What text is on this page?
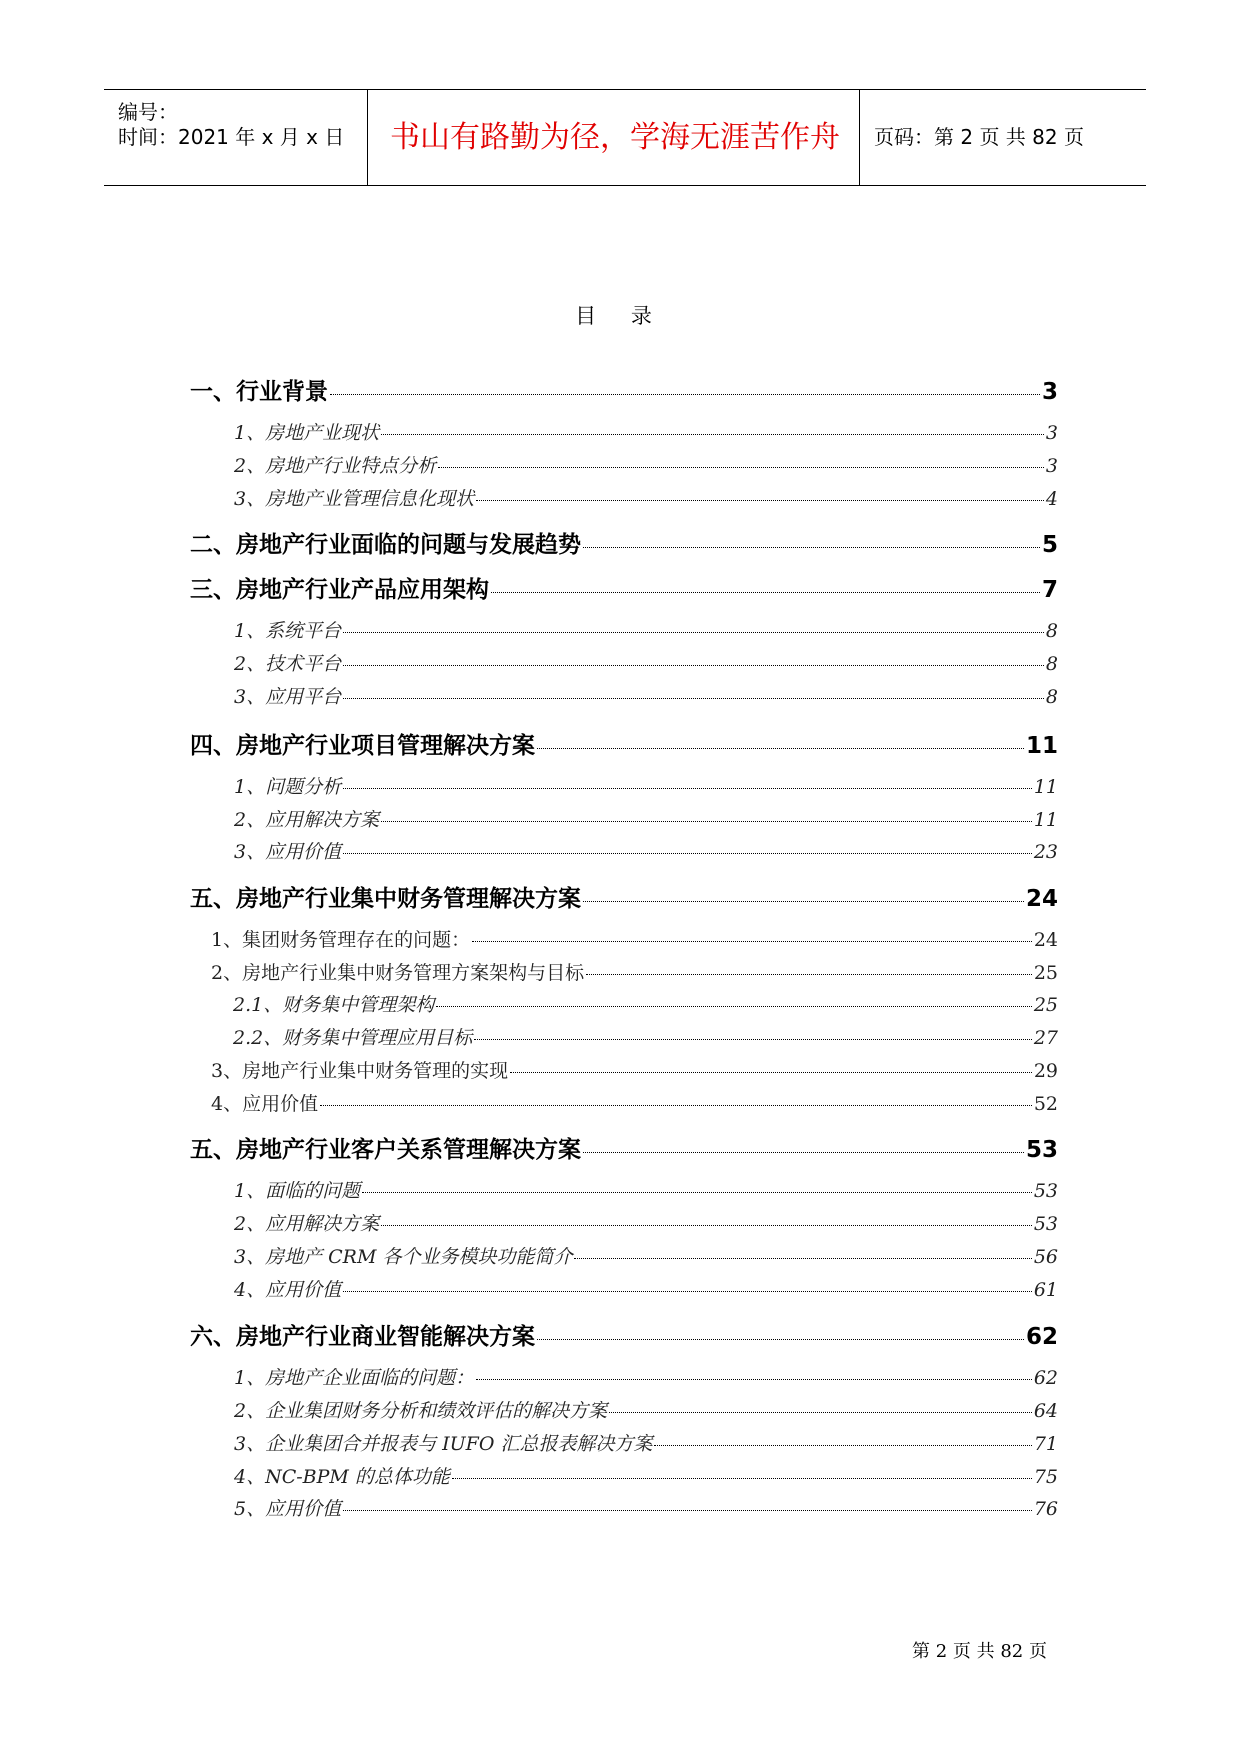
编号：
时间：2021 年 x 月 x 日	书山有路勤为径，学海无涯苦作舟	页码：第 2 页 共 82 页
目 录
一、行业背景	3
1、房地产业现状	3
2、房地产行业特点分析	3
3、房地产业管理信息化现状	4
二、房地产行业面临的问题与发展趋势	5
三、房地产行业产品应用架构	7
1、系统平台	8
2、技术平台	8
3、应用平台	8
四、房地产行业项目管理解决方案	11
1、问题分析	11
2、应用解决方案	11
3、应用价值	23
五、房地产行业集中财务管理解决方案	24
1、集团财务管理存在的问题：	24
2、房地产行业集中财务管理方案架构与目标	25
2.1、财务集中管理架构	25
2.2、财务集中管理应用目标	27
3、房地产行业集中财务管理的实现	29
4、应用价值	52
五、房地产行业客户关系管理解决方案	53
1、面临的问题	53
2、应用解决方案	53
3、房地产 CRM 各个业务模块功能简介	56
4、应用价值	61
六、房地产行业商业智能解决方案	62
1、房地产企业面临的问题：	62
2、企业集团财务分析和绩效评估的解决方案	64
3、企业集团合并报表与 IUFO 汇总报表解决方案	71
4、NC-BPM 的总体功能	75
5、应用价值	76
第 2 页 共 82 页
